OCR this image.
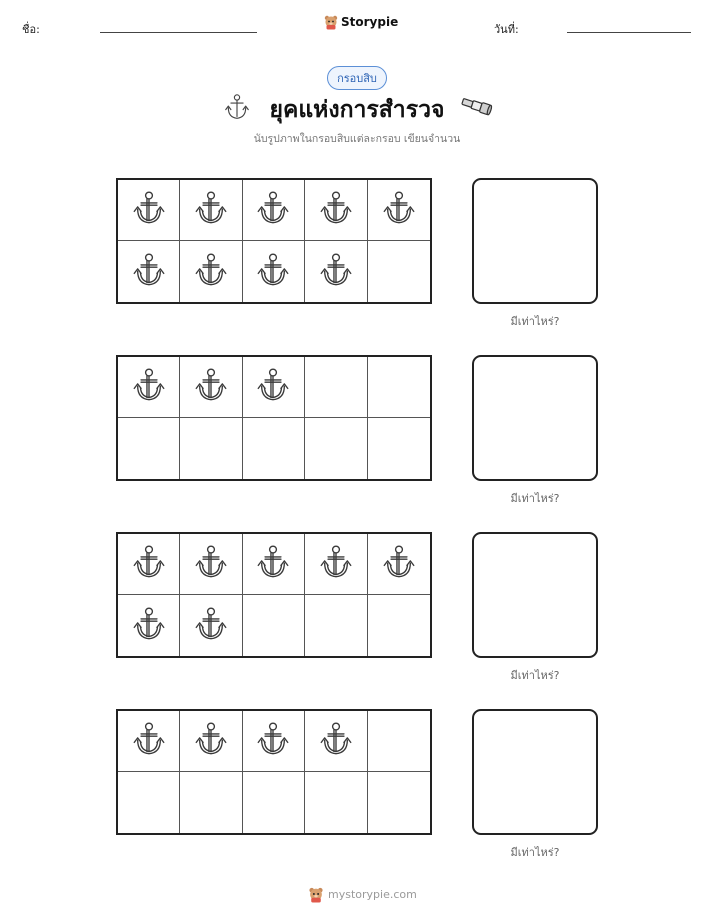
ชื่อ:
Storypie
วันที่:
กรอบสิบ
ยุคแห่งการสำรวจ
นับรูปภาพในกรอบสิบแต่ละกรอบ เขียนจำนวน
มีเท่าไหร่?
มีเท่าไหร่?
มีเท่าไหร่?
มีเท่าไหร่?
mystorypie.com
